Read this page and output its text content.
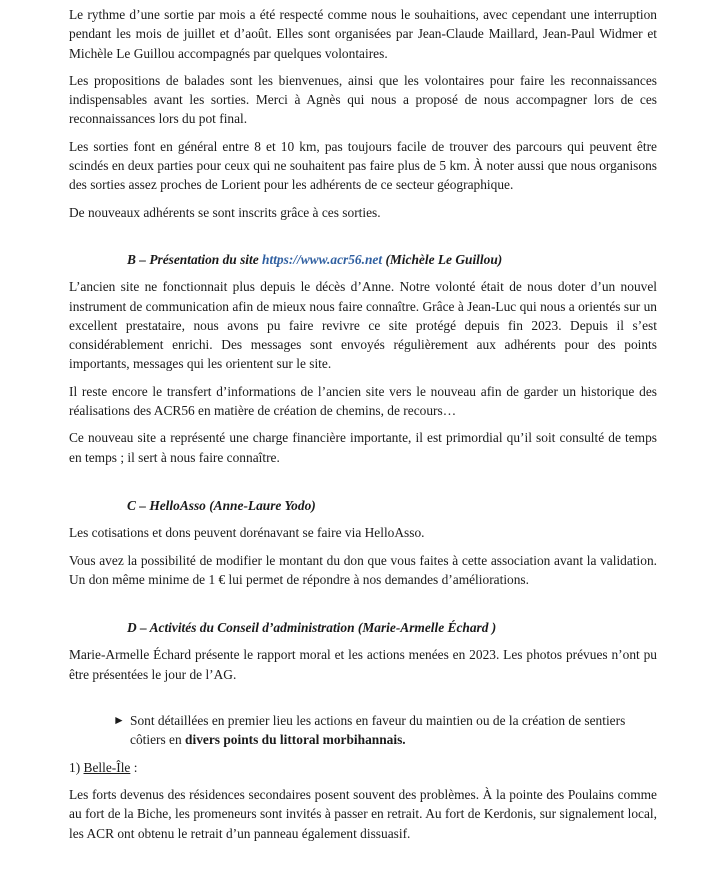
Le rythme d’une sortie par mois a été respecté comme nous le souhaitions, avec cependant une interruption pendant les mois de juillet et d’août. Elles sont organisées par Jean-Claude Maillard, Jean-Paul Widmer et Michèle Le Guillou accompagnés par quelques volontaires.

Les propositions de balades sont les bienvenues, ainsi que les volontaires pour faire les reconnaissances indispensables avant les sorties. Merci à Agnès qui nous a proposé de nous accompagner lors de ces reconnaissances lors du pot final.

Les sorties font en général entre 8 et 10 km, pas toujours facile de trouver des parcours qui peuvent être scindés en deux parties pour ceux qui ne souhaitent pas faire plus de 5 km. À noter aussi que nous organisons des sorties assez proches de Lorient pour les adhérents de ce secteur géographique.

De nouveaux adhérents se sont inscrits grâce à ces sorties.

B – Présentation du site https://www.acr56.net (Michèle Le Guillou)

L’ancien site ne fonctionnait plus depuis le décès d’Anne. Notre volonté était de nous doter d’un nouvel instrument de communication afin de mieux nous faire connaître. Grâce à Jean-Luc qui nous a orientés sur un excellent prestataire, nous avons pu faire revivre ce site protégé depuis fin 2023. Depuis il s’est considérablement enrichi. Des messages sont envoyés régulièrement aux adhérents pour des points importants, messages qui les orientent sur le site.

Il reste encore le transfert d’informations de l’ancien site vers le nouveau afin de garder un historique des réalisations des ACR56 en matière de création de chemins, de recours…

Ce nouveau site a représenté une charge financière importante, il est primordial qu’il soit consulté de temps en temps ; il sert à nous faire connaître.

C – HelloAsso (Anne-Laure Yodo)

Les cotisations et dons peuvent dorénavant se faire via HelloAsso.

Vous avez la possibilité de modifier le montant du don que vous faites à cette association avant la validation. Un don même minime de 1 € lui permet de répondre à nos demandes d’améliorations.

D – Activités du Conseil d’administration (Marie-Armelle Échard )

Marie-Armelle Échard présente le rapport moral et les actions menées en 2023. Les photos prévues n’ont pu être présentées le jour de l’AG.

► Sont détaillées en premier lieu les actions en faveur du maintien ou de la création de sentiers côtiers en divers points du littoral morbihannais.

1) Belle-Île :

Les forts devenus des résidences secondaires posent souvent des problèmes. À la pointe des Poulains comme au fort de la Biche, les promeneurs sont invités à passer en retrait. Au fort de Kerdonis, sur signalement local, les ACR ont obtenu le retrait d’un panneau également dissuasif.
